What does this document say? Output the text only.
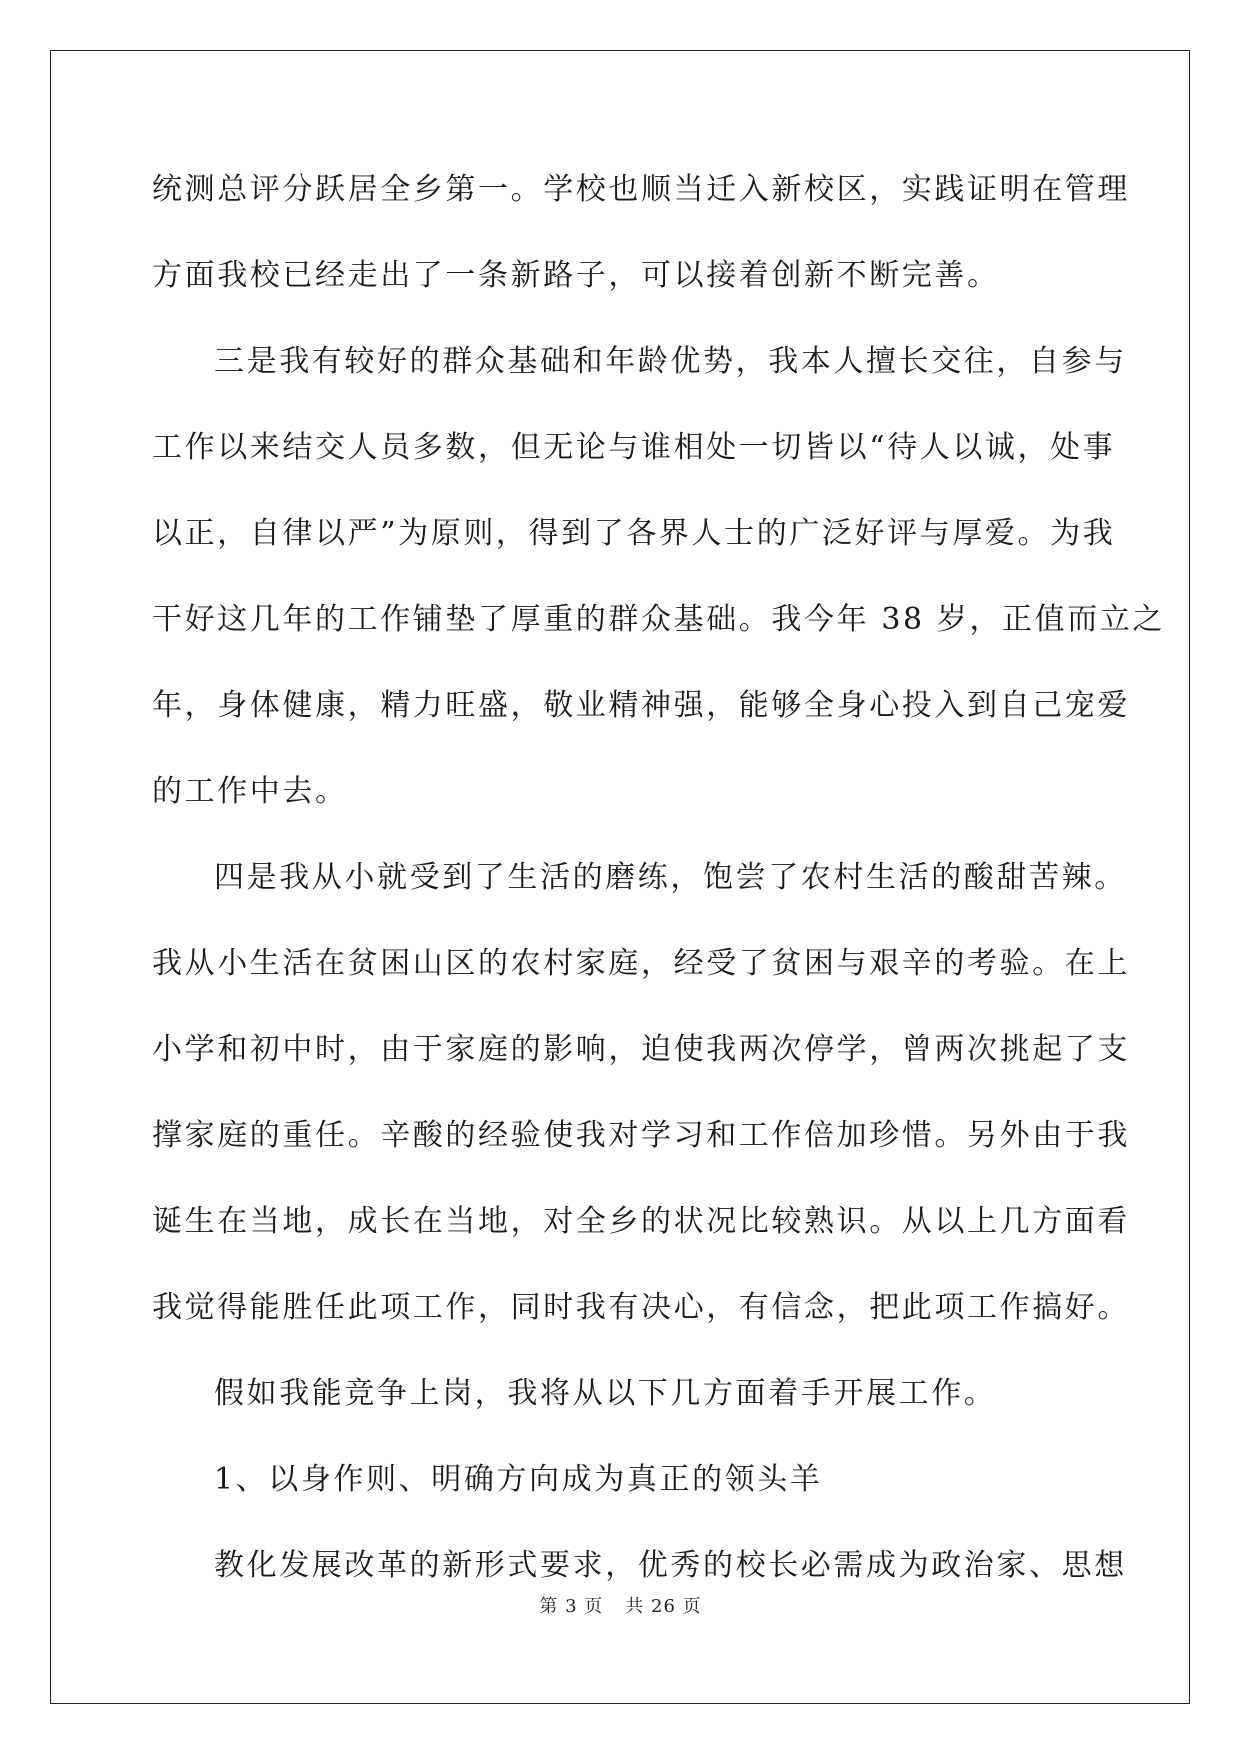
统测总评分跃居全乡第一。学校也顺当迁入新校区，实践证明在管理
方面我校已经走出了一条新路子，可以接着创新不断完善。
三是我有较好的群众基础和年龄优势，我本人擅长交往，自参与
工作以来结交人员多数，但无论与谁相处一切皆以“待人以诚，处事
以正，自律以严”为原则，得到了各界人士的广泛好评与厚爱。为我
干好这几年的工作铺垫了厚重的群众基础。我今年 38 岁，正值而立之
年，身体健康，精力旺盛，敬业精神强，能够全身心投入到自己宠爱
的工作中去。
四是我从小就受到了生活的磨练，饱尝了农村生活的酸甜苦辣。
我从小生活在贫困山区的农村家庭，经受了贫困与艰辛的考验。在上
小学和初中时，由于家庭的影响，迫使我两次停学，曾两次挑起了支
撑家庭的重任。辛酸的经验使我对学习和工作倍加珍惜。另外由于我
诞生在当地，成长在当地，对全乡的状况比较熟识。从以上几方面看
我觉得能胜任此项工作，同时我有决心，有信念，把此项工作搞好。
假如我能竞争上岗，我将从以下几方面着手开展工作。
1、以身作则、明确方向成为真正的领头羊
教化发展改革的新形式要求，优秀的校长必需成为政治家、思想
第 3 页 共 26 页
